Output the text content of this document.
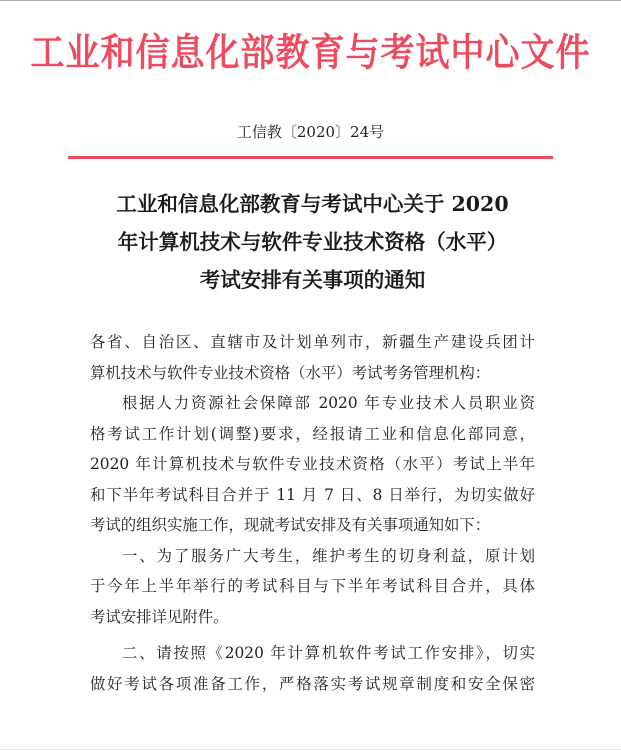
工业和信息化部教育与考试中心文件
工信教〔2020〕24号
工业和信息化部教育与考试中心关于 2020
年计算机技术与软件专业技术资格（水平）
考试安排有关事项的通知
各省、自治区、直辖市及计划单列市，新疆生产建设兵团计
算机技术与软件专业技术资格（水平）考试考务管理机构：
根据人力资源社会保障部 2020 年专业技术人员职业资
格考试工作计划(调整)要求，经报请工业和信息化部同意，
2020 年计算机技术与软件专业技术资格（水平）考试上半年
和下半年考试科目合并于 11 月 7 日、8 日举行，为切实做好
考试的组织实施工作，现就考试安排及有关事项通知如下：
一、为了服务广大考生，维护考生的切身利益，原计划
于今年上半年举行的考试科目与下半年考试科目合并，具体
考试安排详见附件。
二、请按照《2020 年计算机软件考试工作安排》，切实
做好考试各项准备工作，严格落实考试规章制度和安全保密
